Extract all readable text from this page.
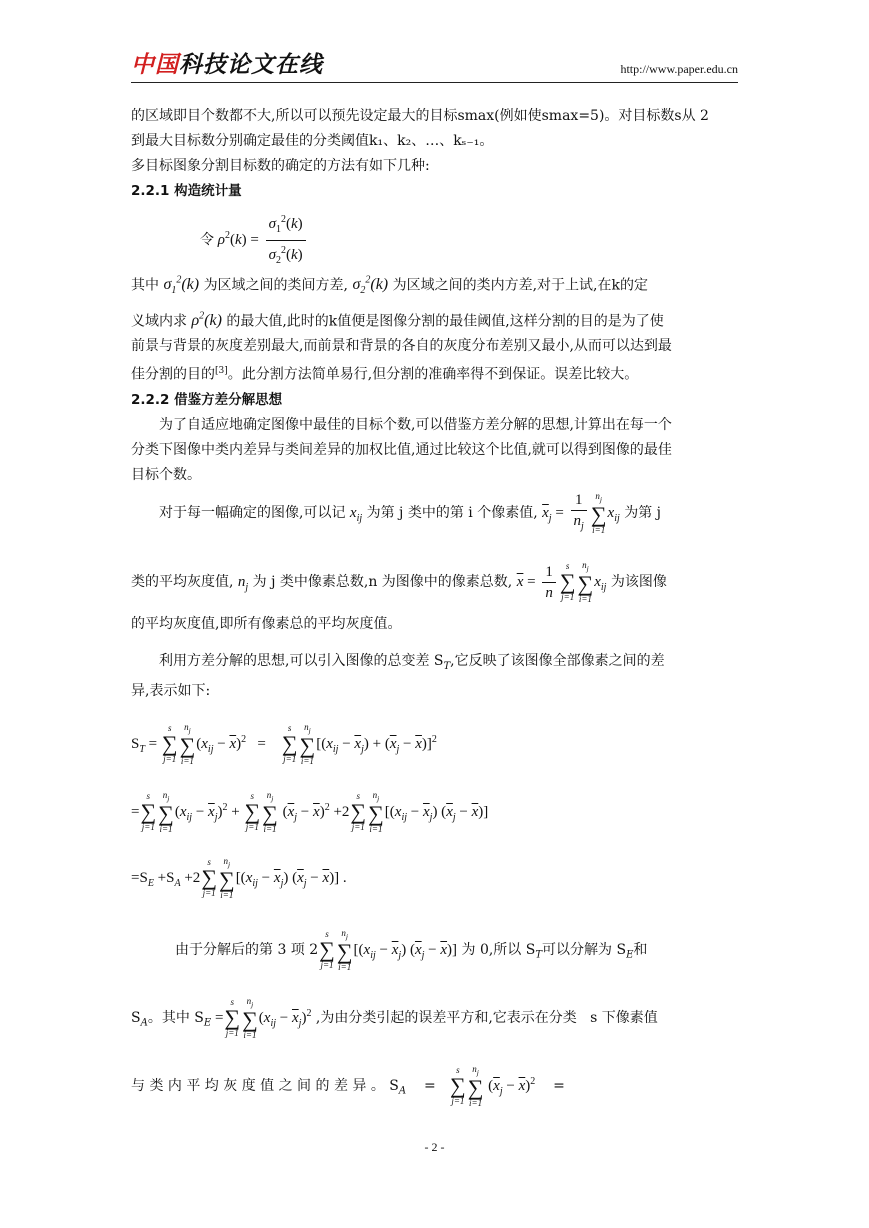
中国科技论文在线	http://www.paper.edu.cn

的区域即目个数都不大,所以可以预先设定最大的目标smax(例如使smax=5)。对目标数s从 2

到最大目标数分别确定最佳的分类阈值k₁、k₂、…、kₛ₋₁。

多目标图象分割目标数的确定的方法有如下几种:

2.2.1 构造统计量

令 $\rho^2(k) = \frac{\sigma_1^2(k)}{\sigma_2^2(k)}$

其中 $\sigma_1^2(k)$ 为区域之间的类间方差, $\sigma_2^2(k)$ 为区域之间的类内方差,对于上试,在k的定

义域内求 $\rho^2(k)$ 的最大值,此时的k值便是图像分割的最佳阈值,这样分割的目的是为了使

前景与背景的灰度差别最大,而前景和背景的各自的灰度分布差别又最小,从而可以达到最

佳分割的目的[3]。此分割方法简单易行,但分割的准确率得不到保证。误差比较大。

2.2.2 借鉴方差分解思想

为了自适应地确定图像中最佳的目标个数,可以借鉴方差分解的思想,计算出在每一个

分类下图像中类内差异与类间差异的加权比值,通过比较这个比值,就可以得到图像的最佳

目标个数。

对于每一幅确定的图像,可以记 $x_{ij}$ 为第 j 类中的第 i 个像素值, $\overline{x}_j = \frac{1}{n_j} n_j$
∑
i=1
$x_{ij}$ 为第 j
类的平均灰度值, $n_j$ 为 j 类中像素总数,n 为图像中的像素总数, $\overline{x} = \frac{1}{n}$	s
∑
j=1
$n_j$
∑
i=1
$x_{ij}$ 为该图像

的平均灰度值,即所有像素总的平均灰度值。

利用方差分解的思想,可以引入图像的总变差 $S_T$,它反映了该图像全部像素之间的差

异,表示如下:

$S_T$ =
s
∑
j=1
$n_j$
∑
i=1
$(x_{ij} - \overline{x})^2$   =
s
∑
j=1
$n_j$
∑
i=1
$[(x_{ij} - \overline{x}_j) + (\overline{x}_j - \overline{x})]^2$
=
s
∑
j=1
$n_j$
∑
i=1
$(x_{ij} - \overline{x}_j)^2$ +
s
∑
j=1
$n_j$
∑
i=1
$(\overline{x}_j - \overline{x})^2 +2$
s
∑
j=1
$n_j$
∑
i=1
$[(x_{ij} - \overline{x}_j) (\overline{x}_j - \overline{x})]$
$=S_E +S_A +2$
s
∑
j=1
$n_j$
∑
i=1
$[(x_{ij} - \overline{x}_j) (\overline{x}_j - \overline{x})]$ .
由于分解后的第 3 项 2
s
∑
j=1
$n_j$
∑
i=1
$[(x_{ij} - \overline{x}_j) (\overline{x}_j - \overline{x})]$ 为 0,所以 $S_T$可以分解为 $S_E$和
$S_A$。其中 $S_E$ =
s
∑
j=1
$n_j$
∑
i=1
$(x_{ij} - \overline{x}_j)^2$ ,为由分类引起的误差平方和,它表示在分类 s 下像素值
与 类 内 平 均 灰 度 值 之 间 的 差 异 。 $S_A$    =
s
∑
j=1
$n_j$
∑
i=1
$(\overline{x}_j - \overline{x})^2$ =
- 2 -
